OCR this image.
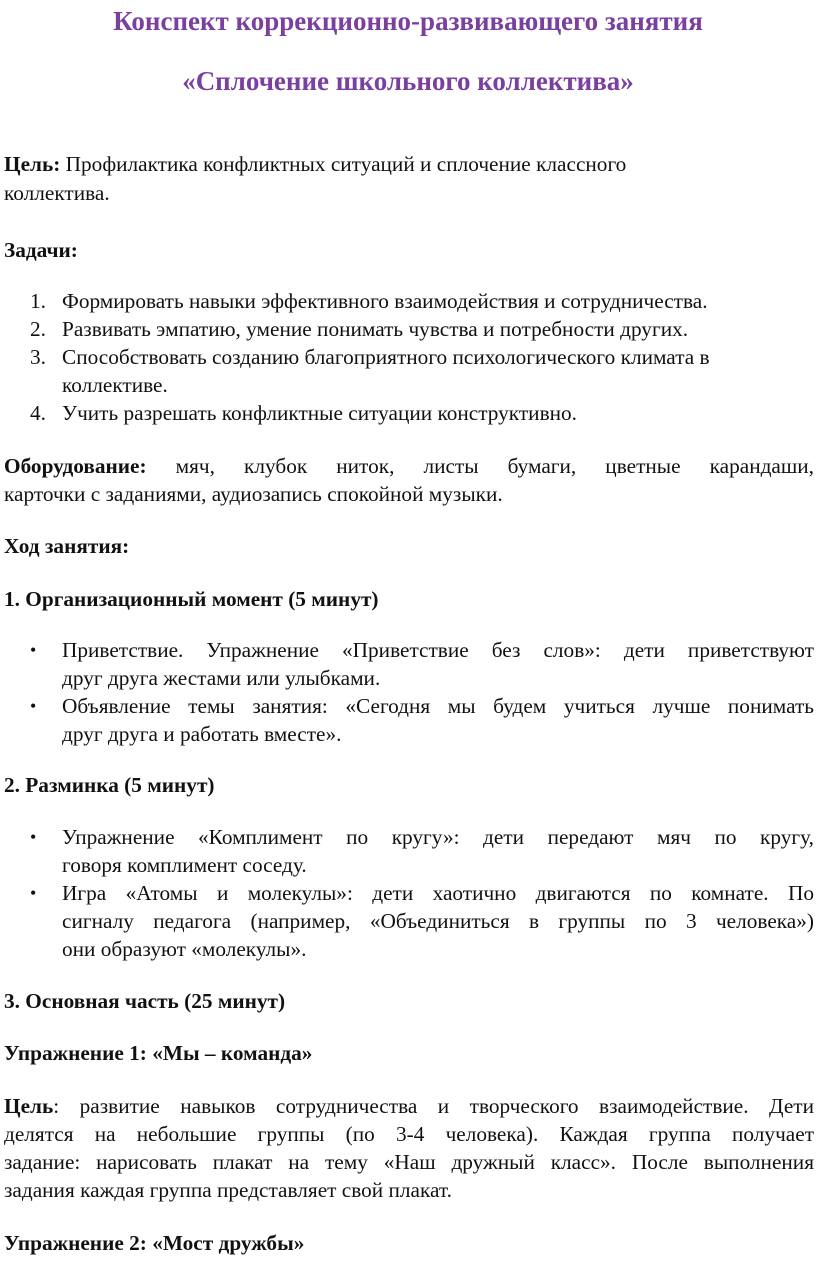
Конспект коррекционно-развивающего занятия
«Сплочение школьного коллектива»
Цель: Профилактика конфликтных ситуаций и сплочение классного
коллектива.
Задачи:
1. Формировать навыки эффективного взаимодействия и сотрудничества.
2. Развивать эмпатию, умение понимать чувства и потребности других.
3. Способствовать созданию благоприятного психологического климата в
коллективе.
4. Учить разрешать конфликтные ситуации конструктивно.
Оборудование: мяч, клубок ниток, листы бумаги, цветные карандаши,
карточки с заданиями, аудиозапись спокойной музыки.
Ход занятия:
1. Организационный момент (5 минут)
•	Приветствие. Упражнение «Приветствие без слов»: дети приветствуют
друг друга жестами или улыбками.
•	Объявление темы занятия: «Сегодня мы будем учиться лучше понимать
друг друга и работать вместе».
2. Разминка (5 минут)
•	Упражнение «Комплимент по кругу»: дети передают мяч по кругу,
говоря комплимент соседу.
•	Игра «Атомы и молекулы»: дети хаотично двигаются по комнате. По
сигналу педагога (например, «Объединиться в группы по 3 человека»)
они образуют «молекулы».
3. Основная часть (25 минут)
Упражнение 1: «Мы – команда»
Цель: развитие навыков сотрудничества и творческого взаимодействие. Дети
делятся на небольшие группы (по 3-4 человека). Каждая группа получает
задание: нарисовать плакат на тему «Наш дружный класс». После выполнения
задания каждая группа представляет свой плакат.
Упражнение 2: «Мост дружбы»
